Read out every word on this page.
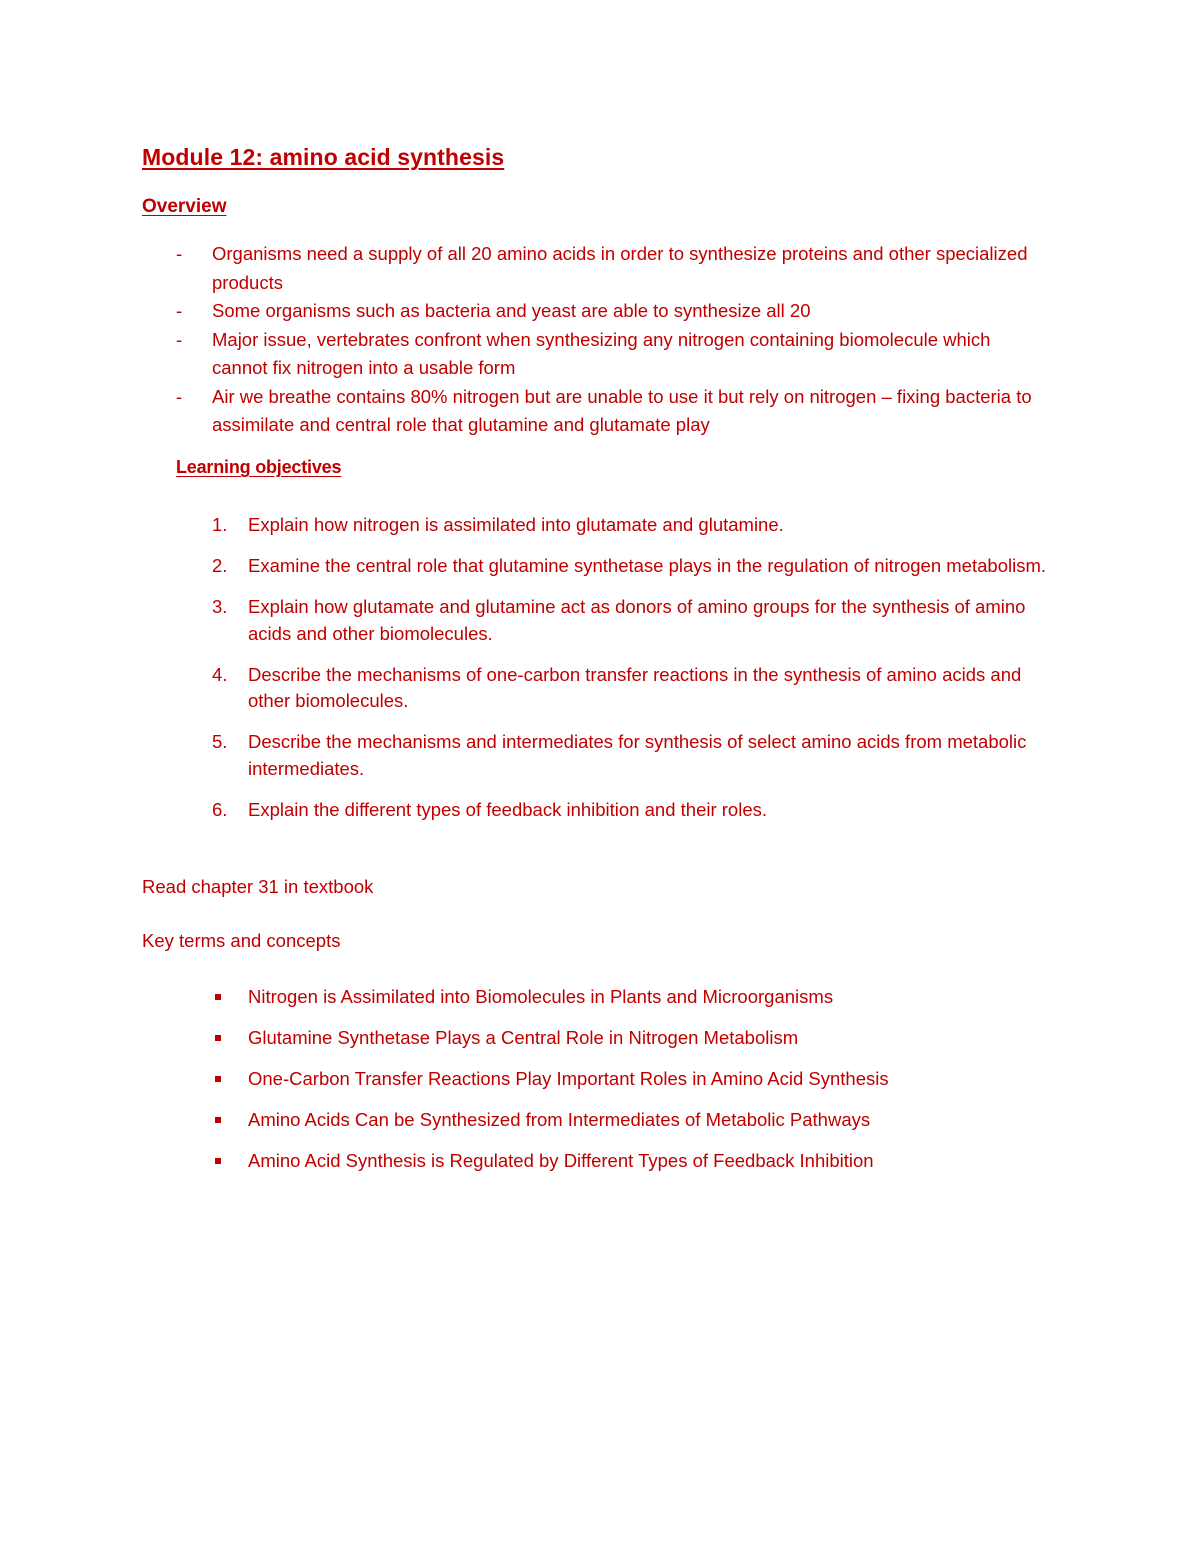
Module 12: amino acid synthesis
Overview
- Organisms need a supply of all 20 amino acids in order to synthesize proteins and other specialized products
- Some organisms such as bacteria and yeast are able to synthesize all 20
- Major issue, vertebrates confront when synthesizing any nitrogen containing biomolecule which cannot fix nitrogen into a usable form
- Air we breathe contains 80% nitrogen but are unable to use it but rely on nitrogen – fixing bacteria to assimilate and central role that glutamine and glutamate play
Learning objectives
1. Explain how nitrogen is assimilated into glutamate and glutamine.
2. Examine the central role that glutamine synthetase plays in the regulation of nitrogen metabolism.
3. Explain how glutamate and glutamine act as donors of amino groups for the synthesis of amino acids and other biomolecules.
4. Describe the mechanisms of one-carbon transfer reactions in the synthesis of amino acids and other biomolecules.
5. Describe the mechanisms and intermediates for synthesis of select amino acids from metabolic intermediates.
6. Explain the different types of feedback inhibition and their roles.

Read chapter 31 in textbook

Key terms and concepts

Nitrogen is Assimilated into Biomolecules in Plants and Microorganisms
Glutamine Synthetase Plays a Central Role in Nitrogen Metabolism
One-Carbon Transfer Reactions Play Important Roles in Amino Acid Synthesis
Amino Acids Can be Synthesized from Intermediates of Metabolic Pathways
Amino Acid Synthesis is Regulated by Different Types of Feedback Inhibition
